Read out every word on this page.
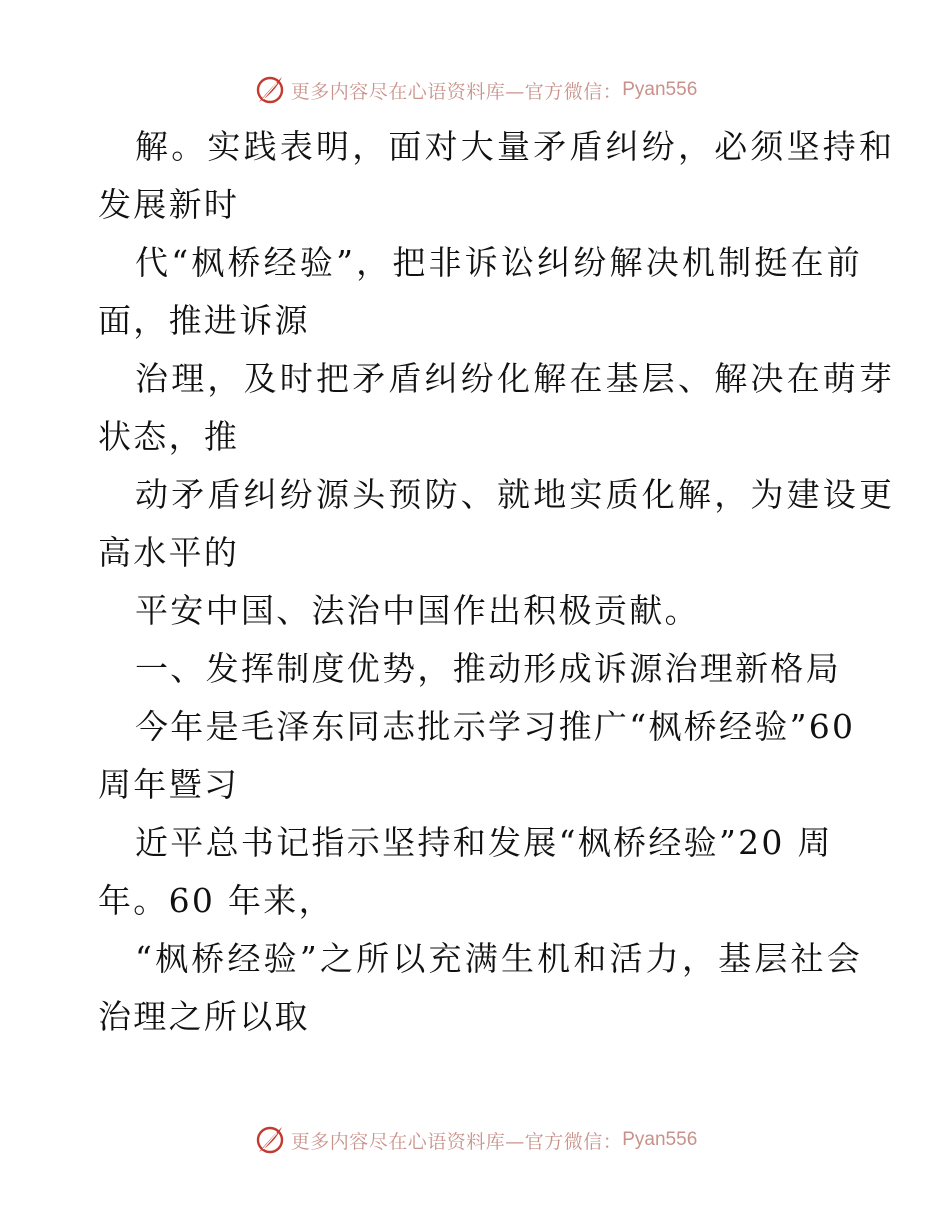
更多内容尽在心语资料库—官方微信： Pyan556
解。实践表明，面对大量矛盾纠纷，必须坚持和
发展新时
代“枫桥经验”，把非诉讼纠纷解决机制挺在前
面，推进诉源
治理，及时把矛盾纠纷化解在基层、解决在萌芽
状态，推
动矛盾纠纷源头预防、就地实质化解，为建设更
高水平的
平安中国、法治中国作出积极贡献。
一、发挥制度优势，推动形成诉源治理新格局
今年是毛泽东同志批示学习推广“枫桥经验”60
周年暨习
近平总书记指示坚持和发展“枫桥经验”20 周
年。60 年来，
“枫桥经验”之所以充满生机和活力，基层社会
治理之所以取
更多内容尽在心语资料库—官方微信： Pyan556
